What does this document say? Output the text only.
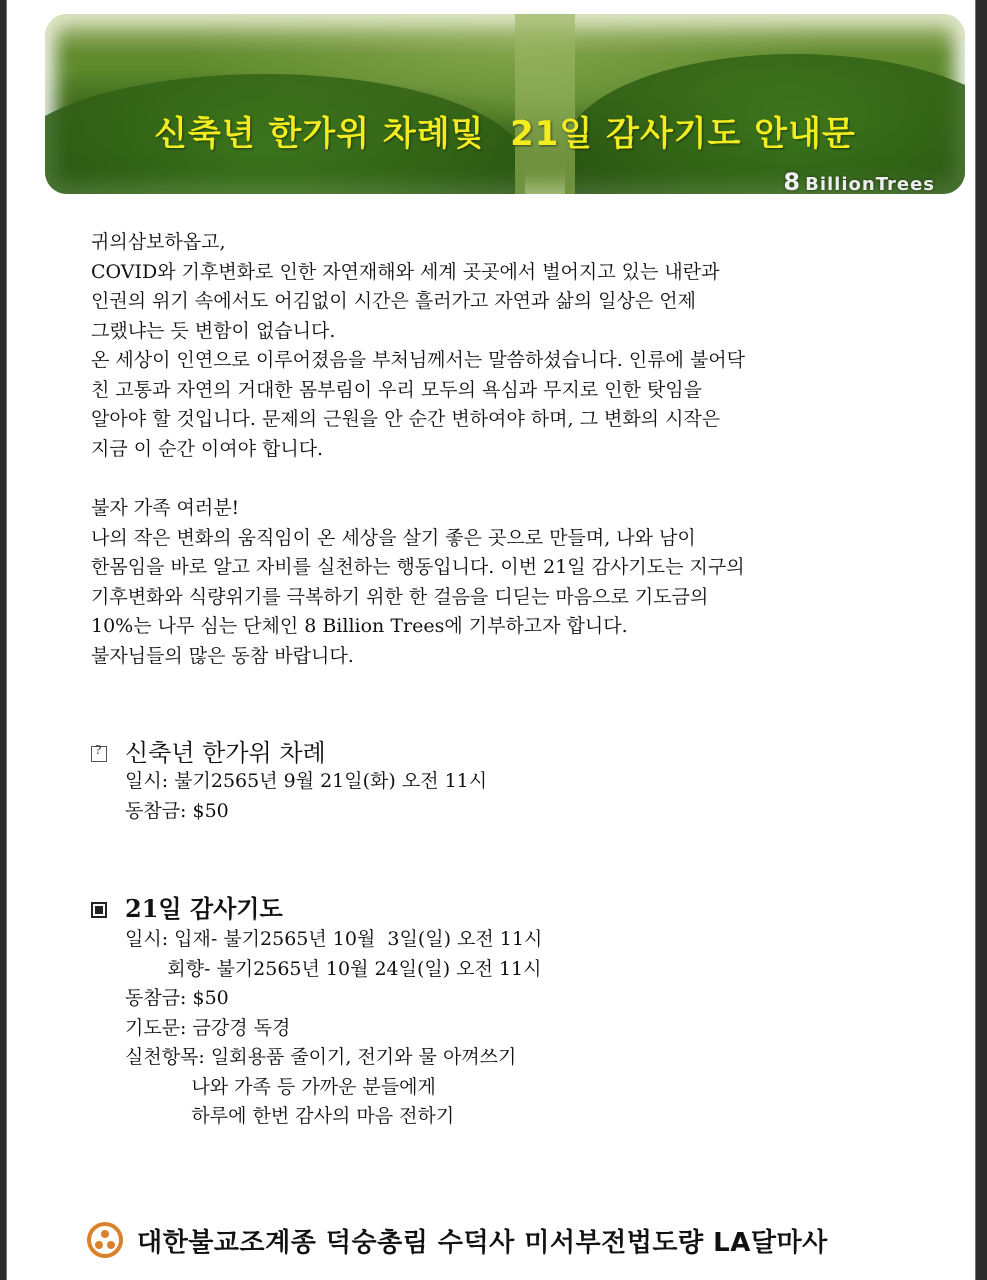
신축년 한가위 차례및  21일 감사기도 안내문
8 BillionTrees

귀의삼보하옵고,

COVID와 기후변화로 인한 자연재해와 세계 곳곳에서 벌어지고 있는 내란과

인권의 위기 속에서도 어김없이 시간은 흘러가고 자연과 삶의 일상은 언제

그랬냐는 듯 변함이 없습니다.

온 세상이 인연으로 이루어졌음을 부처님께서는 말씀하셨습니다. 인류에 불어닥

친 고통과 자연의 거대한 몸부림이 우리 모두의 욕심과 무지로 인한 탓임을

알아야 할 것입니다. 문제의 근원을 안 순간 변하여야 하며, 그 변화의 시작은

지금 이 순간 이여야 합니다.

불자 가족 여러분!

나의 작은 변화의 움직임이 온 세상을 살기 좋은 곳으로 만들며, 나와 남이

한몸임을 바로 알고 자비를 실천하는 행동입니다. 이번 21일 감사기도는 지구의

기후변화와 식량위기를 극복하기 위한 한 걸음을 디딛는 마음으로 기도금의

10%는 나무 심는 단체인 8 Billion Trees에 기부하고자 합니다.

불자님들의 많은 동참 바랍니다.

?신축년 한가위 차례
일시: 불기2565년 9월 21일(화) 오전 11시
동참금: $50
21일 감사기도
일시: 입재- 불기2565년 10월  3일(일) 오전 11시
회향- 불기2565년 10월 24일(일) 오전 11시
동참금: $50
기도문: 금강경 독경
실천항목: 일회용품 줄이기, 전기와 물 아껴쓰기
나와 가족 등 가까운 분들에게
하루에 한번 감사의 마음 전하기
대한불교조계종 덕숭총림 수덕사 미서부전법도량 LA달마사
